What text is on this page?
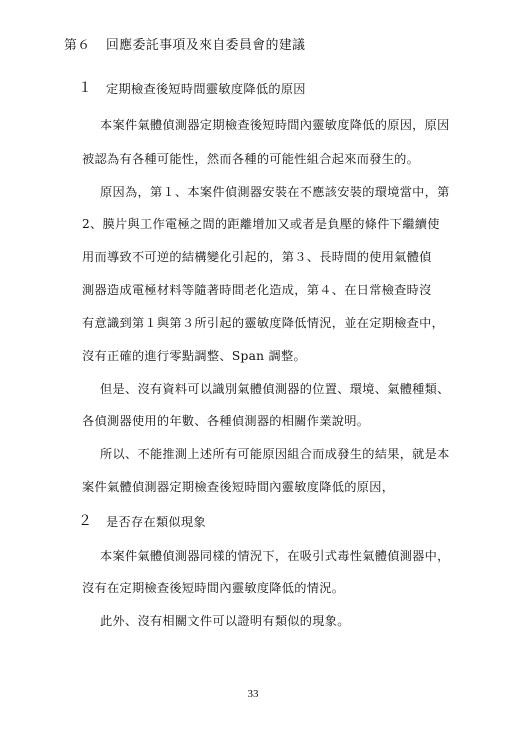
第６ 回應委託事項及來自委員會的建議
１ 定期檢查後短時間靈敏度降低的原因
本案件氣體偵測器定期檢查後短時間內靈敏度降低的原因，原因
被認為有各種可能性，然而各種的可能性組合起來而發生的。
原因為，第１、本案件偵測器安裝在不應該安裝的環境當中，第
2、膜片與工作電極之間的距離增加又或者是負壓的條件下繼續使
用而導致不可逆的結構變化引起的，第３、長時間的使用氣體偵
測器造成電極材料等隨著時間老化造成，第４、在日常檢查時沒
有意識到第１與第３所引起的靈敏度降低情況，並在定期檢查中，
沒有正確的進行零點調整、Span 調整。
但是、沒有資料可以識別氣體偵測器的位置、環境、氣體種類、
各偵測器使用的年數、各種偵測器的相關作業說明。
所以、不能推測上述所有可能原因組合而成發生的結果，就是本
案件氣體偵測器定期檢查後短時間內靈敏度降低的原因，
２ 是否存在類似現象
本案件氣體偵測器同樣的情況下，在吸引式毒性氣體偵測器中，
沒有在定期檢查後短時間內靈敏度降低的情況。
此外、沒有相關文件可以證明有類似的現象。
33
